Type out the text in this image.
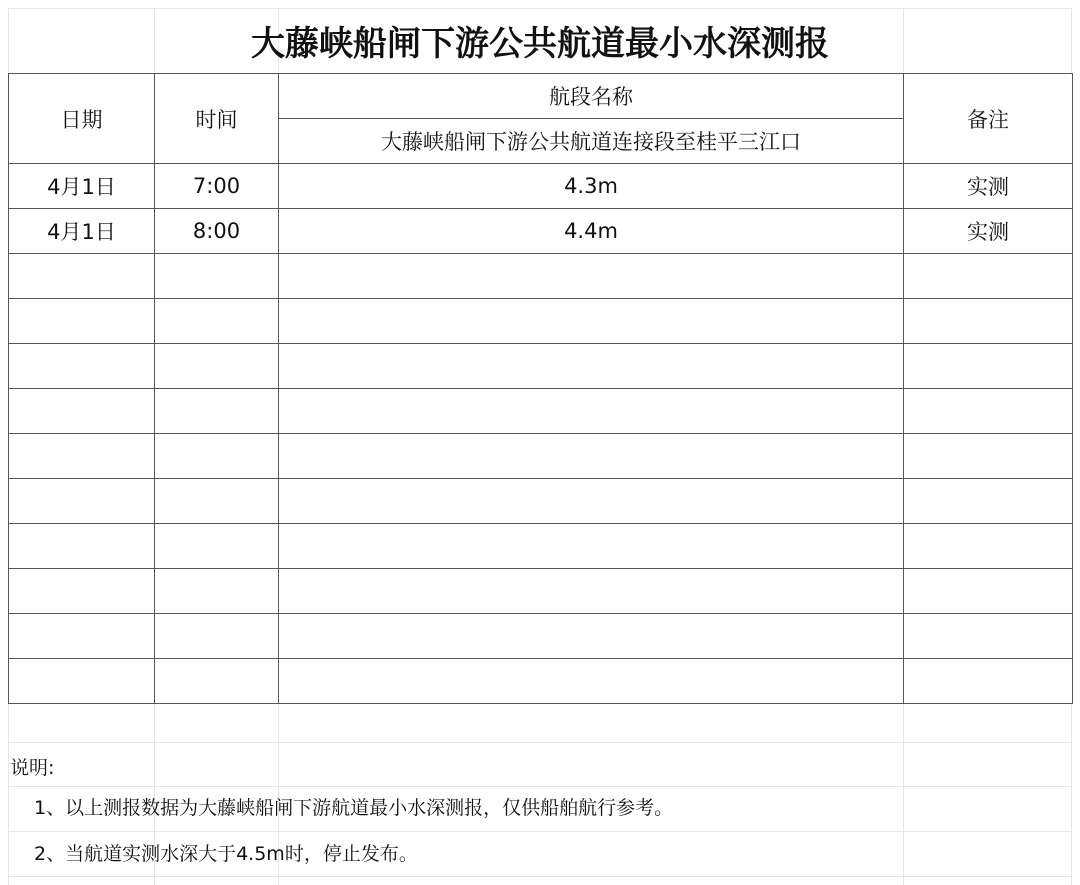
大藤峡船闸下游公共航道最小水深测报
日期	时间	航段名称	备注
		大藤峡船闸下游公共航道连接段至桂平三江口	
4月1日	7:00	4.3m	实测
4月1日	8:00	4.4m	实测

说明:
1、以上测报数据为大藤峡船闸下游航道最小水深测报，仅供船舶航行参考。
2、当航道实测水深大于4.5m时，停止发布。
